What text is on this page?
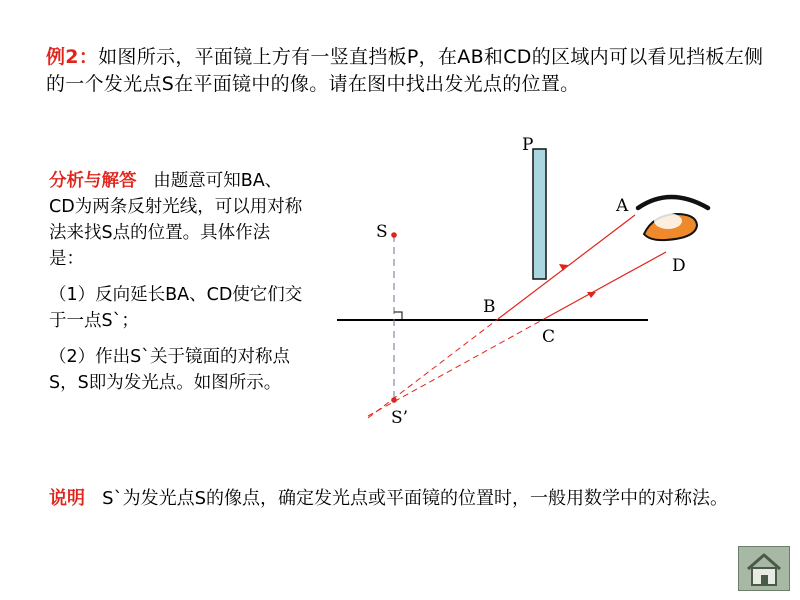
例2：如图所示，平面镜上方有一竖直挡板P，在AB和CD的区域内可以看见挡板左侧的一个发光点S在平面镜中的像。请在图中找出发光点的位置。

分析与解答 由题意可知BA、CD为两条反射光线，可以用对称法来找S点的位置。具体作法是：

（1）反向延长BA、CD使它们交于一点S`；

（2）作出S`关于镜面的对称点S，S即为发光点。如图所示。

P
A
D
S
B
C
S’
说明 S`为发光点S的像点，确定发光点或平面镜的位置时，一般用数学中的对称法。
